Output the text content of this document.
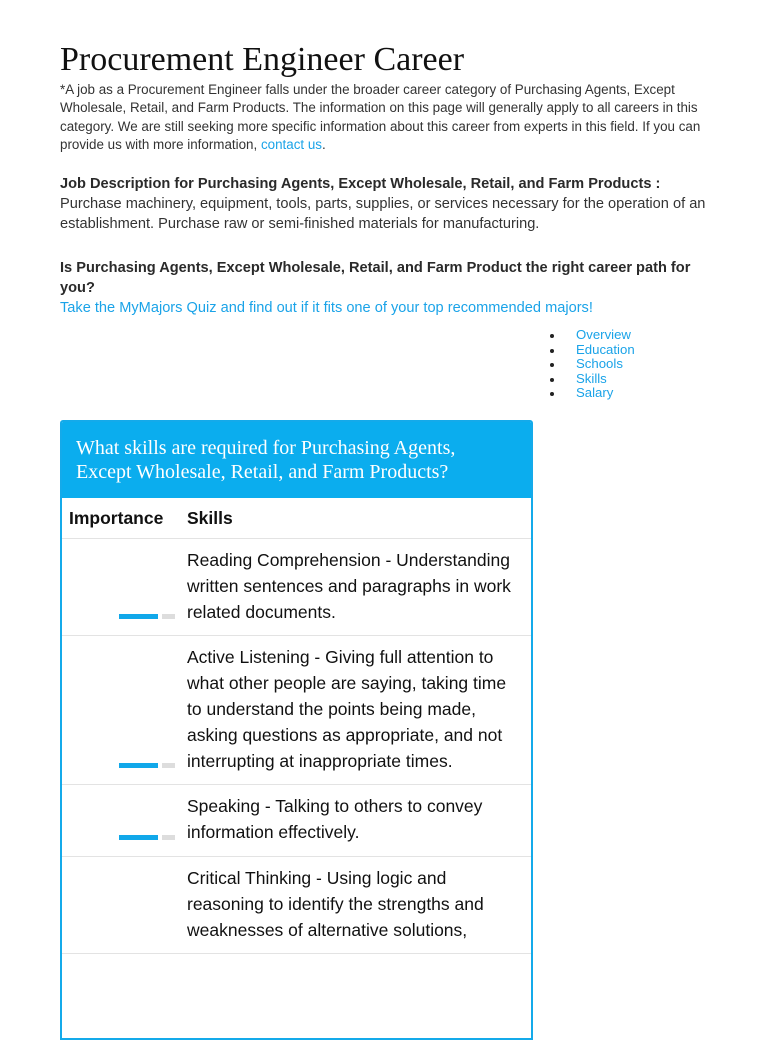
Procurement Engineer Career

*A job as a Procurement Engineer falls under the broader career category of Purchasing Agents, Except Wholesale, Retail, and Farm Products. The information on this page will generally apply to all careers in this category. We are still seeking more specific information about this career from experts in this field. If you can provide us with more information, contact us.

Job Description for Purchasing Agents, Except Wholesale, Retail, and Farm Products : Purchase machinery, equipment, tools, parts, supplies, or services necessary for the operation of an establishment. Purchase raw or semi-finished materials for manufacturing.

Is Purchasing Agents, Except Wholesale, Retail, and Farm Product the right career path for you?

Take the MyMajors Quiz and find out if it fits one of your top recommended majors!
Overview
Education
Schools
Skills
Salary
What skills are required for Purchasing Agents,
Except Wholesale, Retail, and Farm Products?
Importance	Skills

	Reading Comprehension - Understanding written sentences and paragraphs in work related documents.

	Active Listening - Giving full attention to what other people are saying, taking time to understand the points being made, asking questions as appropriate, and not interrupting at inappropriate times.

	Speaking - Talking to others to convey information effectively.
	Critical Thinking - Using logic and reasoning to identify the strengths and weaknesses of alternative solutions,
